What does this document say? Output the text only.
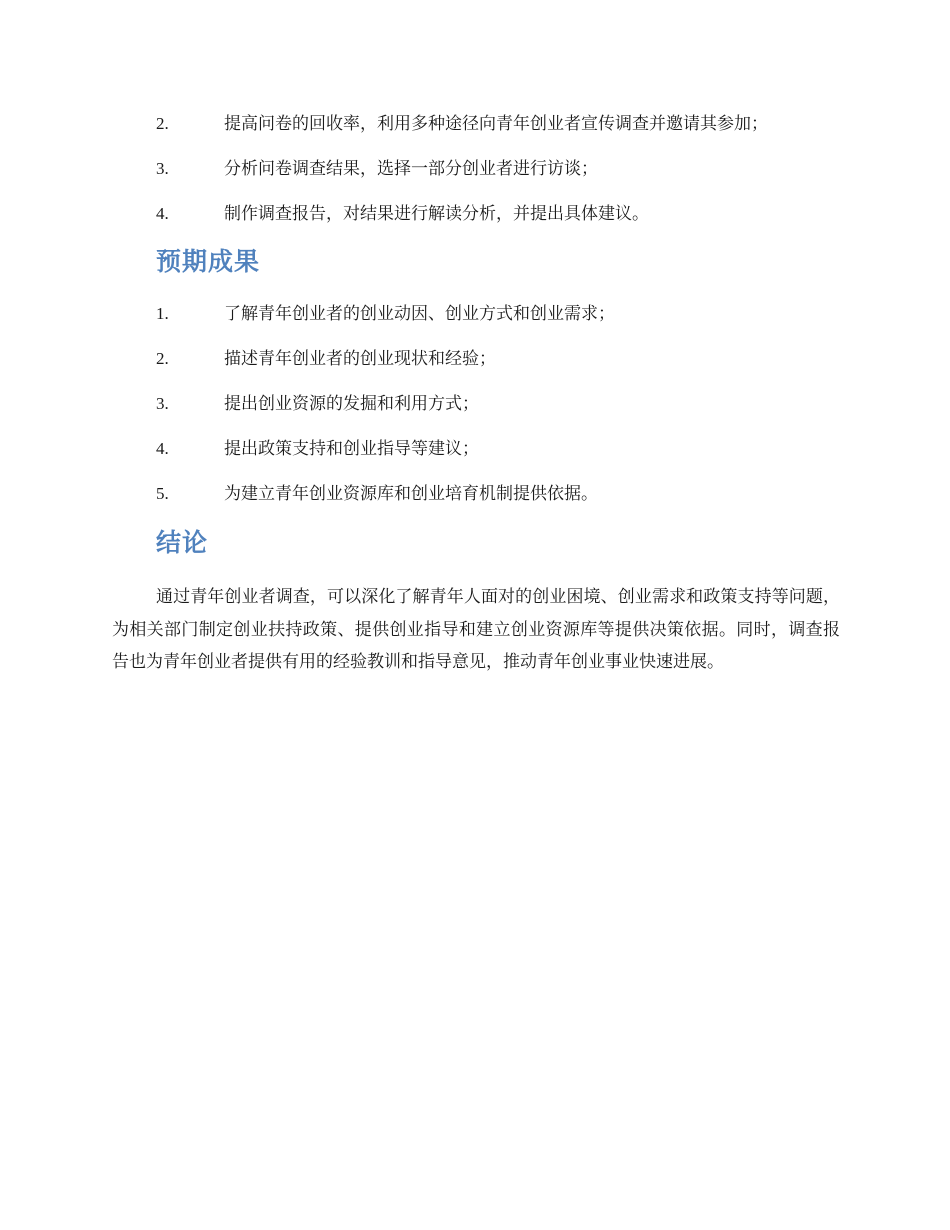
2.	提高问卷的回收率，利用多种途径向青年创业者宣传调查并邀请其参加；
3.	分析问卷调查结果，选择一部分创业者进行访谈；
4.	制作调查报告，对结果进行解读分析，并提出具体建议。
预期成果
1.	了解青年创业者的创业动因、创业方式和创业需求；
2.	描述青年创业者的创业现状和经验；
3.	提出创业资源的发掘和利用方式；
4.	提出政策支持和创业指导等建议；
5.	为建立青年创业资源库和创业培育机制提供依据。
结论

通过青年创业者调查，可以深化了解青年人面对的创业困境、创业需求和政策支持等问题，为相关部门制定创业扶持政策、提供创业指导和建立创业资源库等提供决策依据。同时，调查报告也为青年创业者提供有用的经验教训和指导意见，推动青年创业事业快速进展。
